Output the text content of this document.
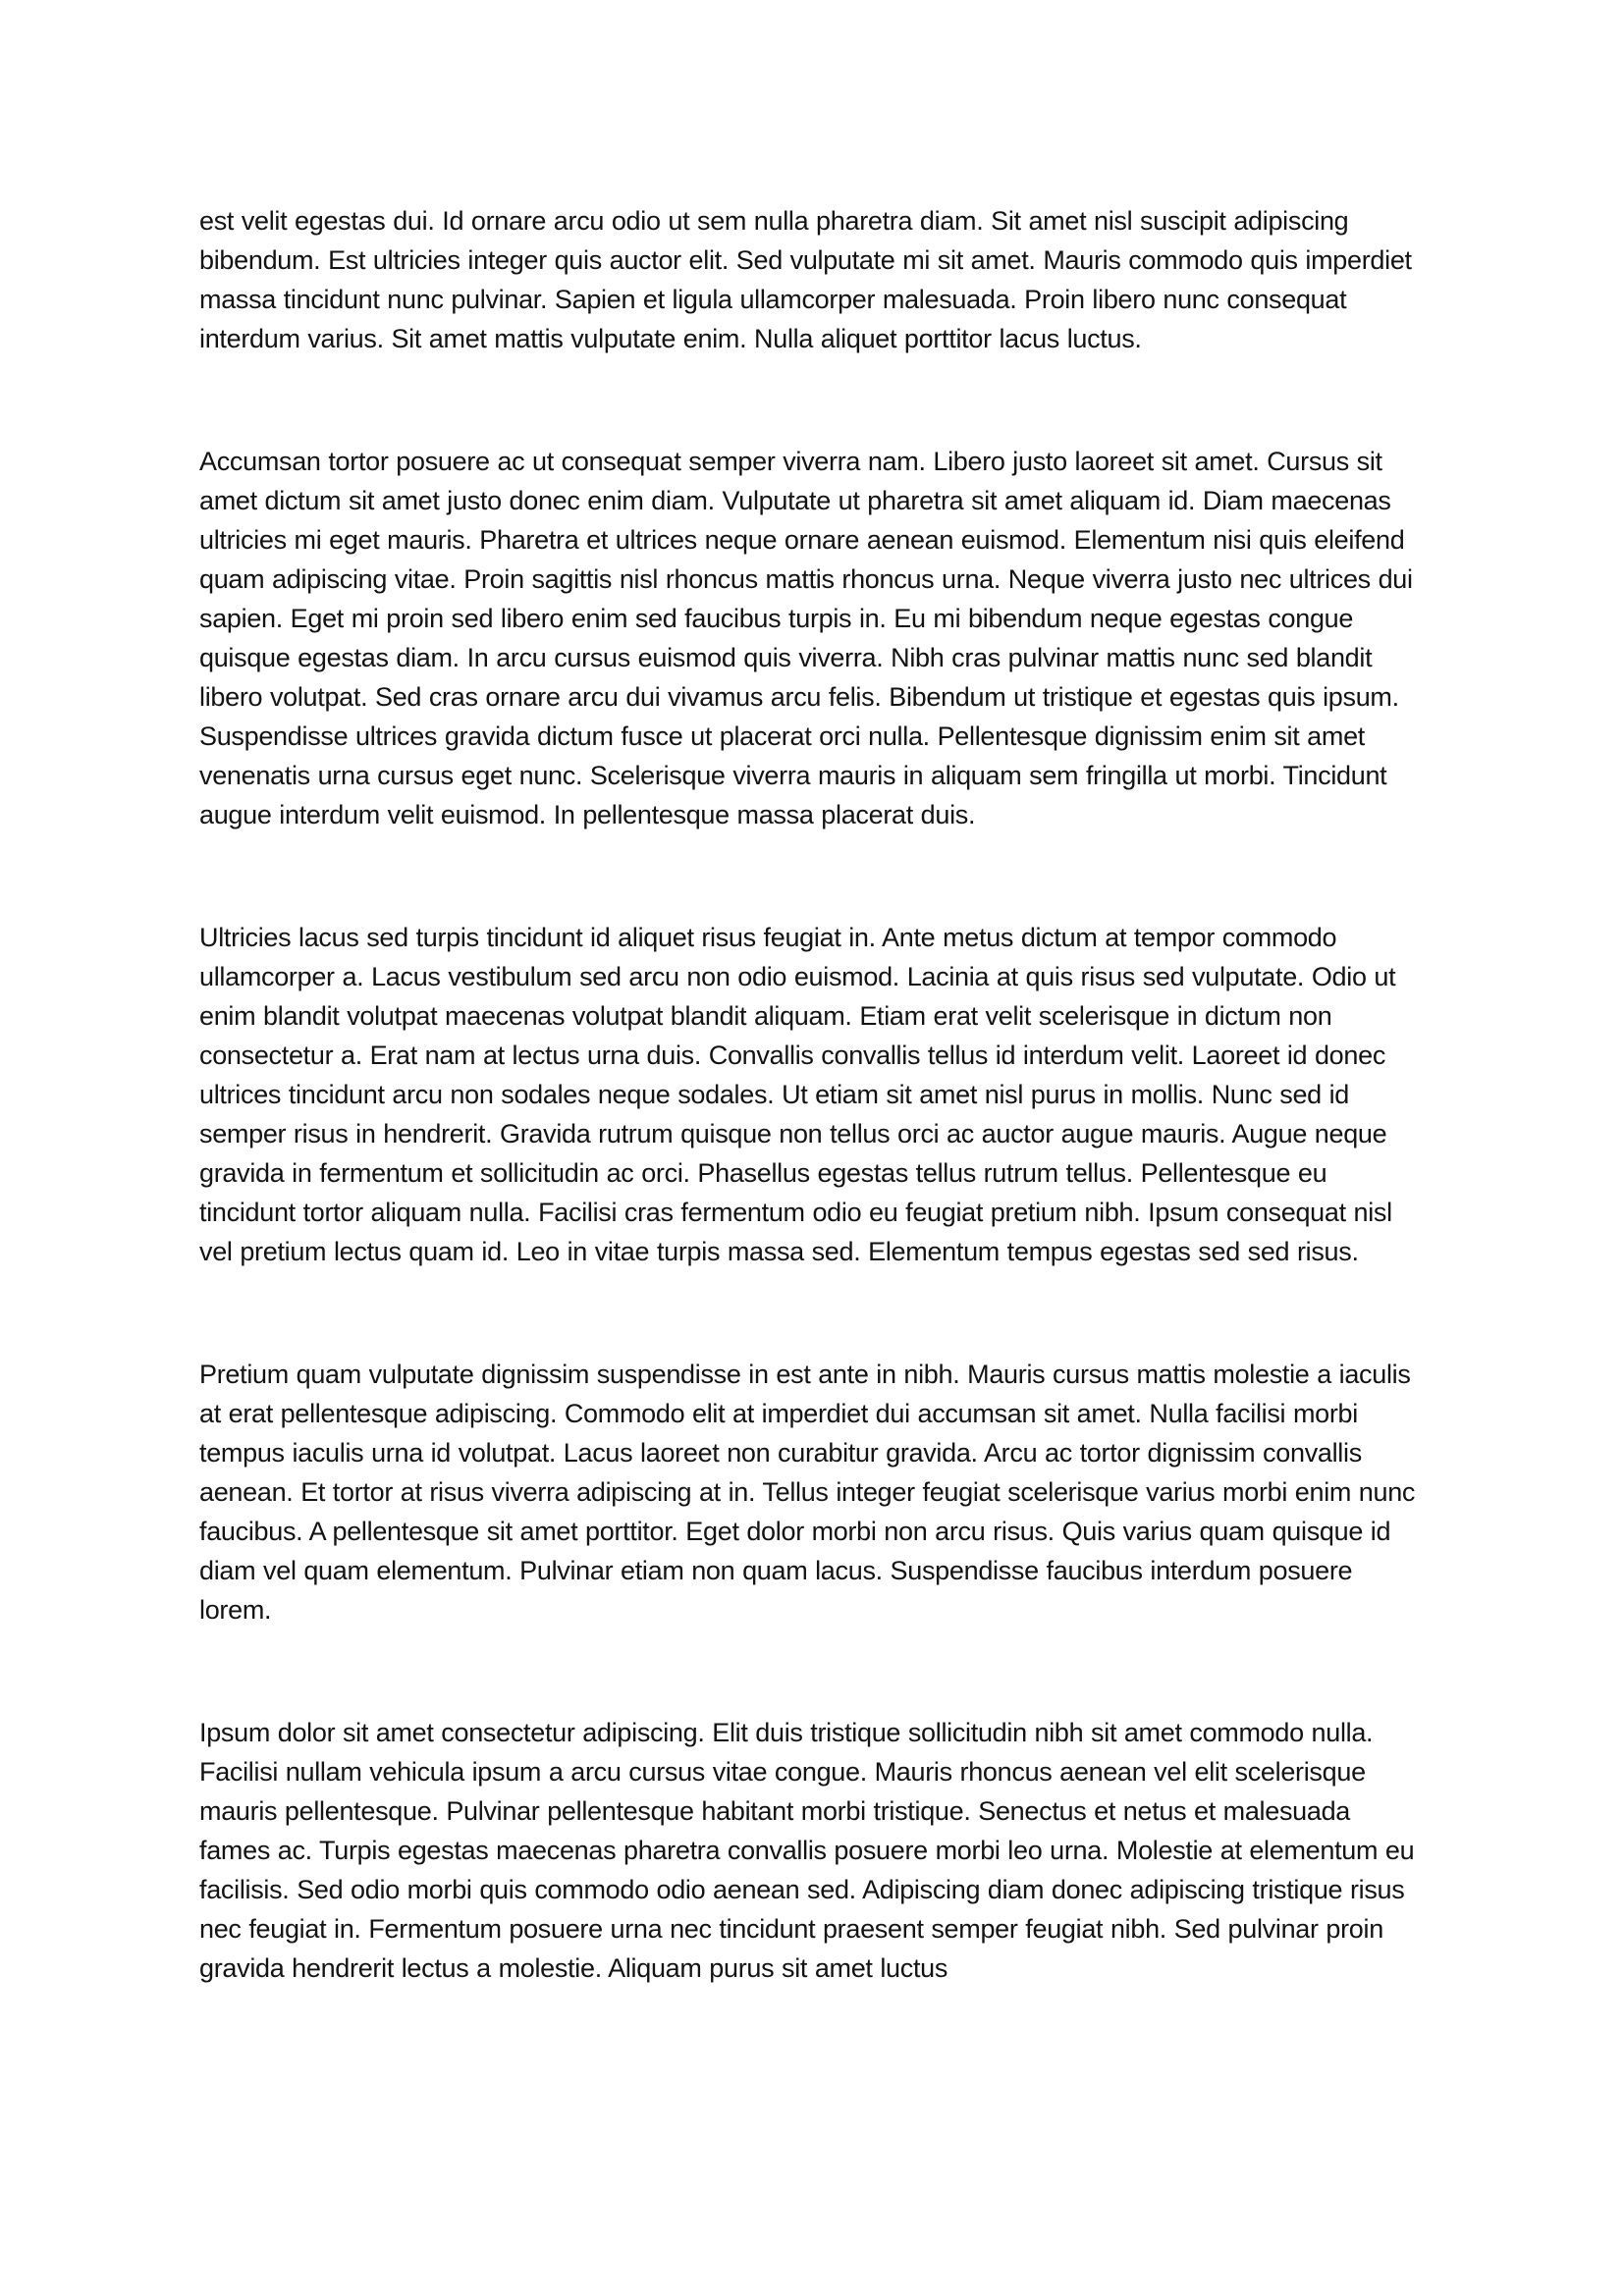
est velit egestas dui. Id ornare arcu odio ut sem nulla pharetra diam. Sit amet nisl suscipit adipiscing bibendum. Est ultricies integer quis auctor elit. Sed vulputate mi sit amet. Mauris commodo quis imperdiet massa tincidunt nunc pulvinar. Sapien et ligula ullamcorper malesuada. Proin libero nunc consequat interdum varius. Sit amet mattis vulputate enim. Nulla aliquet porttitor lacus luctus.

Accumsan tortor posuere ac ut consequat semper viverra nam. Libero justo laoreet sit amet. Cursus sit amet dictum sit amet justo donec enim diam. Vulputate ut pharetra sit amet aliquam id. Diam maecenas ultricies mi eget mauris. Pharetra et ultrices neque ornare aenean euismod. Elementum nisi quis eleifend quam adipiscing vitae. Proin sagittis nisl rhoncus mattis rhoncus urna. Neque viverra justo nec ultrices dui sapien. Eget mi proin sed libero enim sed faucibus turpis in. Eu mi bibendum neque egestas congue quisque egestas diam. In arcu cursus euismod quis viverra. Nibh cras pulvinar mattis nunc sed blandit libero volutpat. Sed cras ornare arcu dui vivamus arcu felis. Bibendum ut tristique et egestas quis ipsum. Suspendisse ultrices gravida dictum fusce ut placerat orci nulla. Pellentesque dignissim enim sit amet venenatis urna cursus eget nunc. Scelerisque viverra mauris in aliquam sem fringilla ut morbi. Tincidunt augue interdum velit euismod. In pellentesque massa placerat duis.

Ultricies lacus sed turpis tincidunt id aliquet risus feugiat in. Ante metus dictum at tempor commodo ullamcorper a. Lacus vestibulum sed arcu non odio euismod. Lacinia at quis risus sed vulputate. Odio ut enim blandit volutpat maecenas volutpat blandit aliquam. Etiam erat velit scelerisque in dictum non consectetur a. Erat nam at lectus urna duis. Convallis convallis tellus id interdum velit. Laoreet id donec ultrices tincidunt arcu non sodales neque sodales. Ut etiam sit amet nisl purus in mollis. Nunc sed id semper risus in hendrerit. Gravida rutrum quisque non tellus orci ac auctor augue mauris. Augue neque gravida in fermentum et sollicitudin ac orci. Phasellus egestas tellus rutrum tellus. Pellentesque eu tincidunt tortor aliquam nulla. Facilisi cras fermentum odio eu feugiat pretium nibh. Ipsum consequat nisl vel pretium lectus quam id. Leo in vitae turpis massa sed. Elementum tempus egestas sed sed risus.

Pretium quam vulputate dignissim suspendisse in est ante in nibh. Mauris cursus mattis molestie a iaculis at erat pellentesque adipiscing. Commodo elit at imperdiet dui accumsan sit amet. Nulla facilisi morbi tempus iaculis urna id volutpat. Lacus laoreet non curabitur gravida. Arcu ac tortor dignissim convallis aenean. Et tortor at risus viverra adipiscing at in. Tellus integer feugiat scelerisque varius morbi enim nunc faucibus. A pellentesque sit amet porttitor. Eget dolor morbi non arcu risus. Quis varius quam quisque id diam vel quam elementum. Pulvinar etiam non quam lacus. Suspendisse faucibus interdum posuere lorem.

Ipsum dolor sit amet consectetur adipiscing. Elit duis tristique sollicitudin nibh sit amet commodo nulla. Facilisi nullam vehicula ipsum a arcu cursus vitae congue. Mauris rhoncus aenean vel elit scelerisque mauris pellentesque. Pulvinar pellentesque habitant morbi tristique. Senectus et netus et malesuada fames ac. Turpis egestas maecenas pharetra convallis posuere morbi leo urna. Molestie at elementum eu facilisis. Sed odio morbi quis commodo odio aenean sed. Adipiscing diam donec adipiscing tristique risus nec feugiat in. Fermentum posuere urna nec tincidunt praesent semper feugiat nibh. Sed pulvinar proin gravida hendrerit lectus a molestie. Aliquam purus sit amet luctus
